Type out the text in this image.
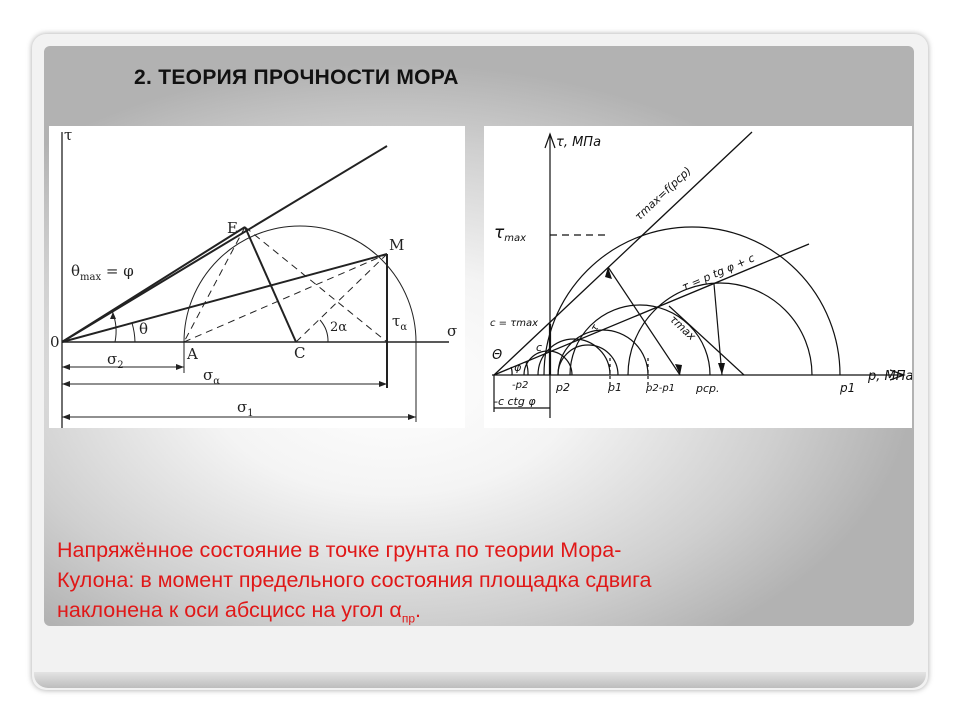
2. ТЕОРИЯ ПРОЧНОСТИ МОРА
τ
σ
0
$\theta_{max} = \varphi$
θ	2α	$\tau_\alpha$
E
M
A	C
$\sigma_2$
$\sigma_\alpha$
$\sigma_1$
τ, МПа
p, МПа
$\tau_{max}$
τmax=f(pср)
τ = p tg φ + c
τmax
c = τmax	τ
Θ
c
φ
-p2	p2	p1 p2-p1 pср.	p1
-c ctg φ
Напряжённое состояние в точке грунта по теории Мора-
Кулона: в момент предельного состояния площадка сдвига
наклонена к оси абсцисс на угол $\alpha_{пр}$.
